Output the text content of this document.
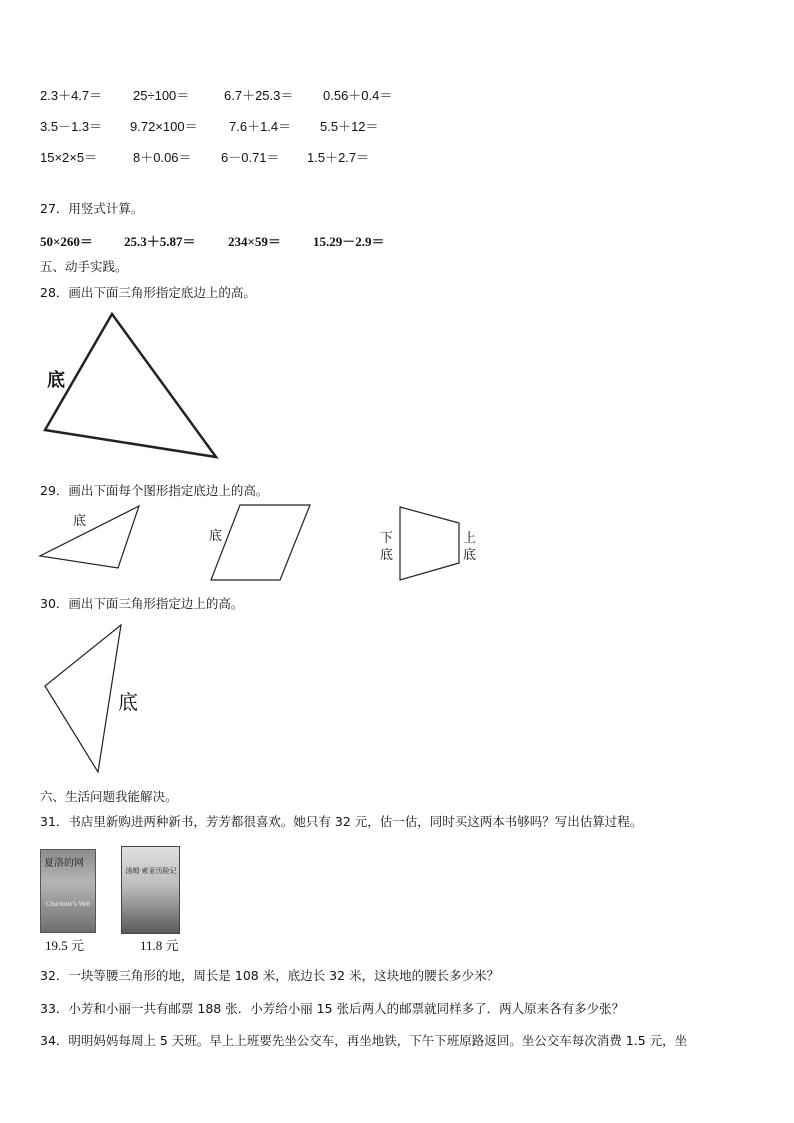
2.3＋4.7＝ 25÷100＝	6.7＋25.3＝ 0.56＋0.4＝
3.5－1.3＝ 9.72×100＝ 7.6＋1.4＝ 5.5＋12＝
15×2×5＝	8＋0.06＝ 6－0.71＝ 1.5＋2.7＝
27．用竖式计算。
50×260＝ 25.3＋5.87＝ 234×59＝ 15.29－2.9＝
五、动手实践。
28．画出下面三角形指定底边上的高。
底
29．画出下面每个图形指定底边上的高。
底
底	下
底
上
底
30．画出下面三角形指定边上的高。
底
六、生活问题我能解决。
31．书店里新购进两种新书，芳芳都很喜欢。她只有 32 元，估一估，同时买这两本书够吗？写出估算过程。
夏洛的网
Charlotte's Web
19.5 元
汤姆·索亚历险记
11.8 元
32．一块等腰三角形的地，周长是 108 米，底边长 32 米，这块地的腰长多少米？
33．小芳和小丽一共有邮票 188 张．小芳给小丽 15 张后两人的邮票就同样多了．两人原来各有多少张？
34．明明妈妈每周上 5 天班。早上上班要先坐公交车，再坐地铁，下午下班原路返回。坐公交车每次消费 1.5 元，坐
